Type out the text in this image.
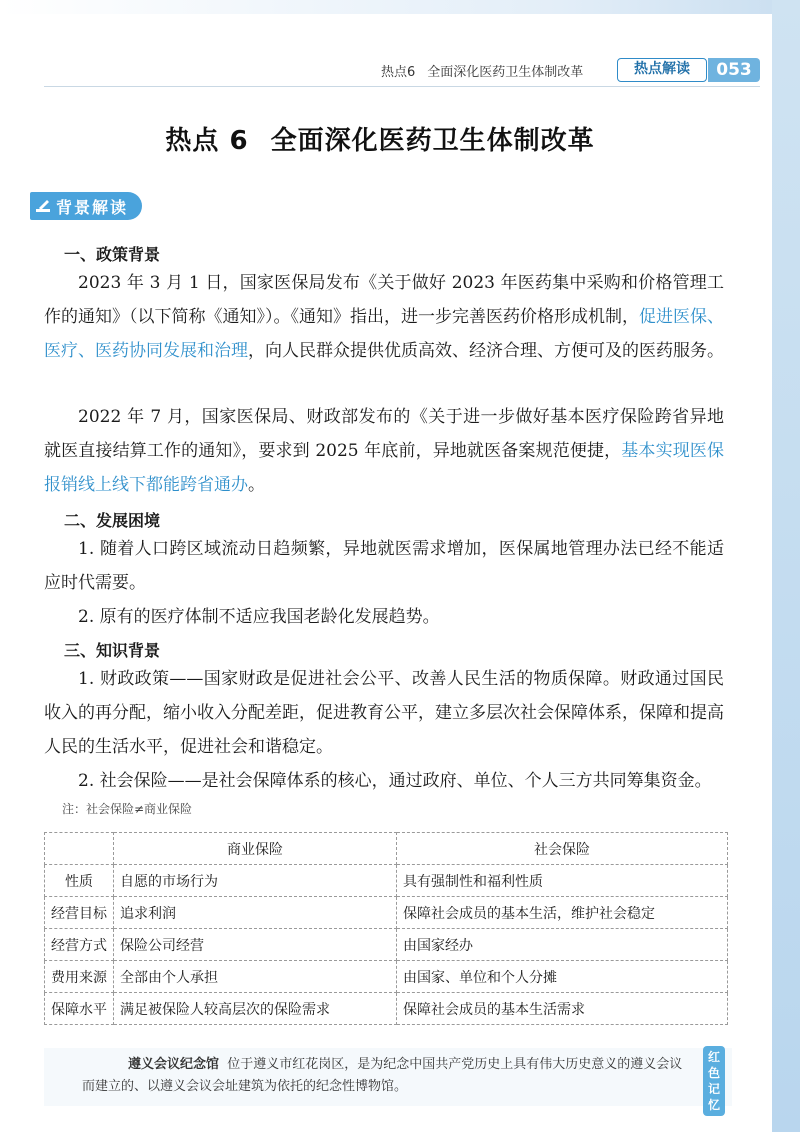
热点6 全面深化医药卫生体制改革	热点解读	053
热点 6 全面深化医药卫生体制改革
背景解读
一、政策背景
2023 年 3 月 1 日，国家医保局发布《关于做好 2023 年医药集中采购和价格管理工作的通知》（以下简称《通知》）。《通知》指出，进一步完善医药价格形成机制，促进医保、医疗、医药协同发展和治理，向人民群众提供优质高效、经济合理、方便可及的医药服务。
2022 年 7 月，国家医保局、财政部发布的《关于进一步做好基本医疗保险跨省异地就医直接结算工作的通知》，要求到 2025 年底前，异地就医备案规范便捷，基本实现医保报销线上线下都能跨省通办。
二、发展困境
1. 随着人口跨区域流动日趋频繁，异地就医需求增加，医保属地管理办法已经不能适应时代需要。
2. 原有的医疗体制不适应我国老龄化发展趋势。
三、知识背景
1. 财政政策——国家财政是促进社会公平、改善人民生活的物质保障。财政通过国民收入的再分配，缩小收入分配差距，促进教育公平，建立多层次社会保障体系，保障和提高人民的生活水平，促进社会和谐稳定。
2. 社会保险——是社会保障体系的核心，通过政府、单位、个人三方共同筹集资金。
注：社会保险≠商业保险
	商业保险	社会保险
性质	自愿的市场行为	具有强制性和福利性质
经营目标	追求利润	保障社会成员的基本生活，维护社会稳定
经营方式	保险公司经营	由国家经办
费用来源	全部由个人承担	由国家、单位和个人分摊
保障水平	满足被保险人较高层次的保险需求	保障社会成员的基本生活需求
遵义会议纪念馆 位于遵义市红花岗区，是为纪念中国共产党历史上具有伟大历史意义的遵义会议而建立的、以遵义会议会址建筑为依托的纪念性博物馆。
红色记忆
